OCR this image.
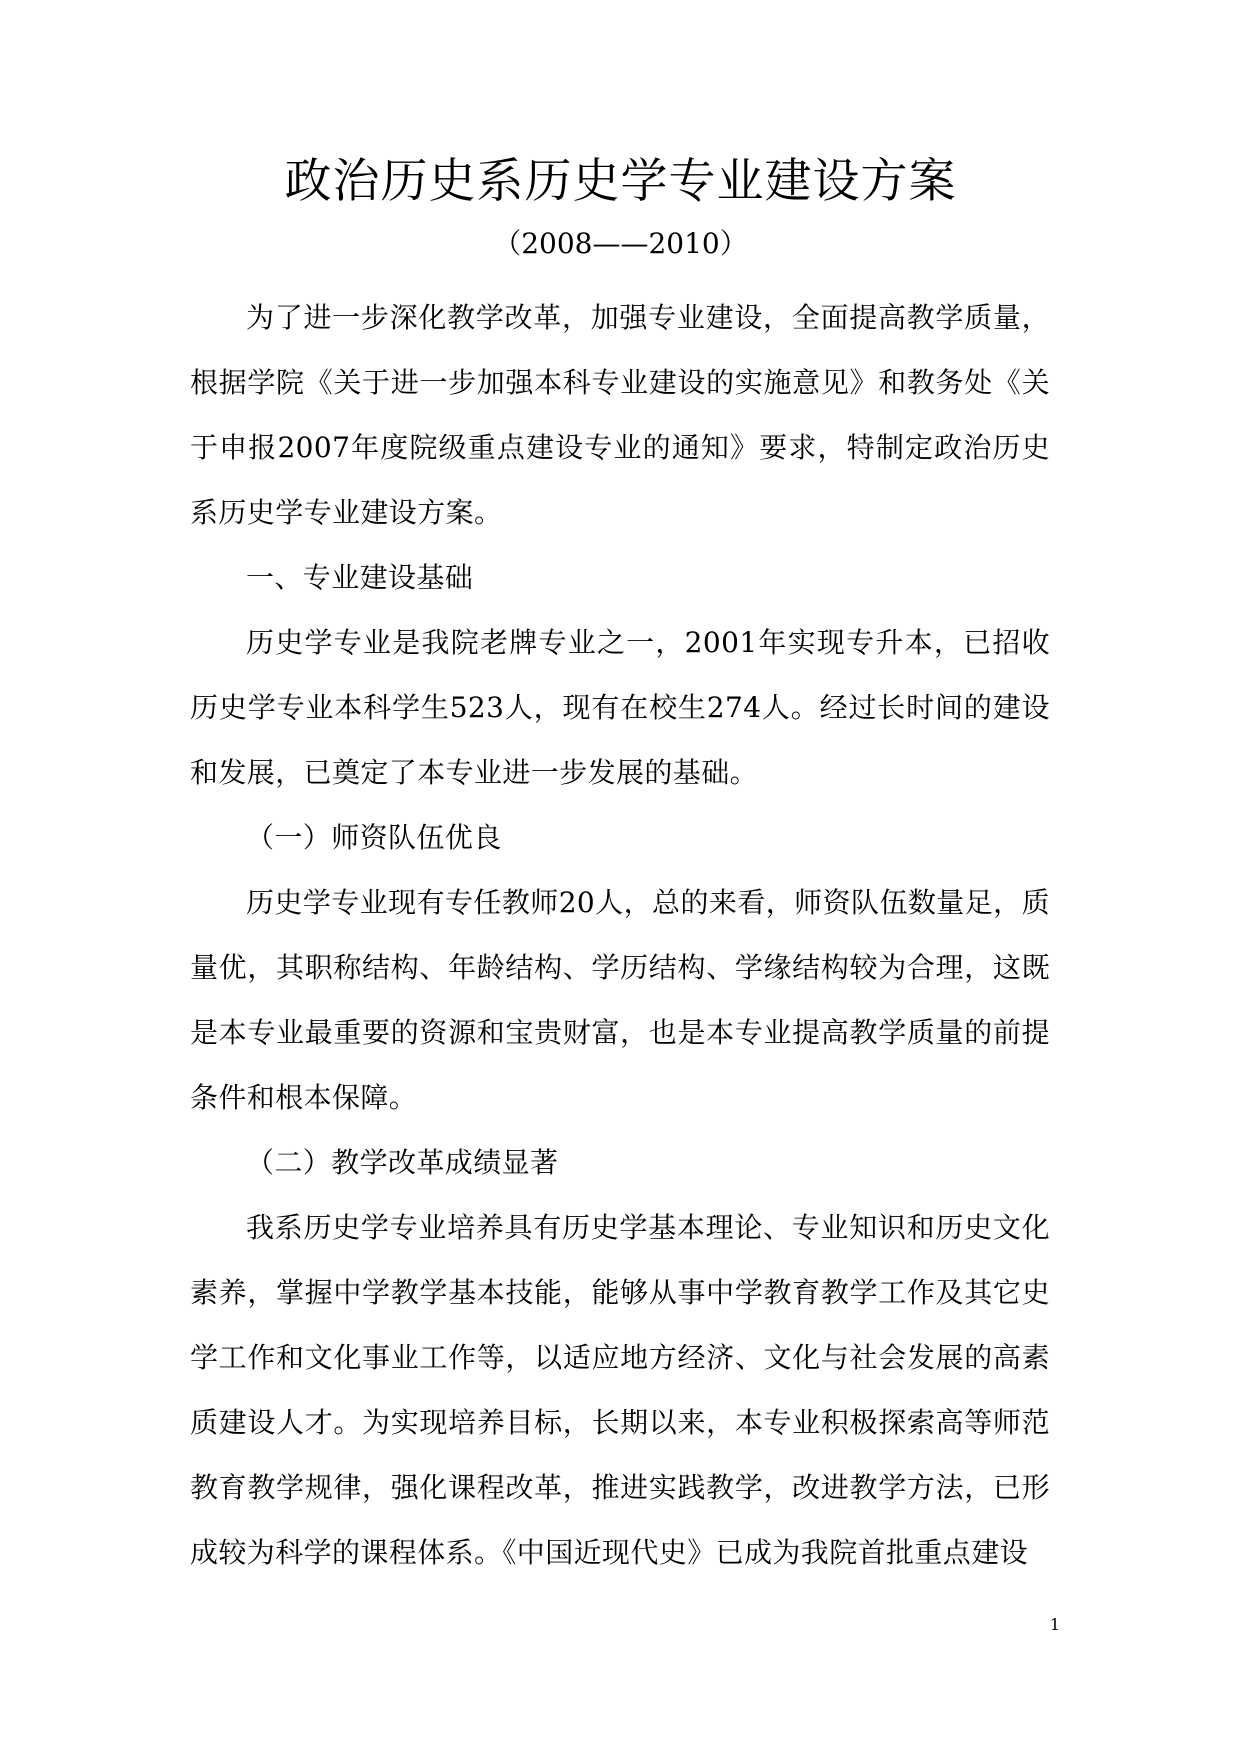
政治历史系历史学专业建设方案
（2008——2010）

为了进一步深化教学改革，加强专业建设，全面提高教学质量，根据学院《关于进一步加强本科专业建设的实施意见》和教务处《关于申报2007年度院级重点建设专业的通知》要求，特制定政治历史系历史学专业建设方案。

一、专业建设基础

历史学专业是我院老牌专业之一，2001年实现专升本，已招收历史学专业本科学生523人，现有在校生274人。经过长时间的建设和发展，已奠定了本专业进一步发展的基础。

（一）师资队伍优良

历史学专业现有专任教师20人，总的来看，师资队伍数量足，质量优，其职称结构、年龄结构、学历结构、学缘结构较为合理，这既是本专业最重要的资源和宝贵财富，也是本专业提高教学质量的前提条件和根本保障。

（二）教学改革成绩显著

我系历史学专业培养具有历史学基本理论、专业知识和历史文化素养，掌握中学教学基本技能，能够从事中学教育教学工作及其它史学工作和文化事业工作等，以适应地方经济、文化与社会发展的高素质建设人才。为实现培养目标，长期以来，本专业积极探索高等师范教育教学规律，强化课程改革，推进实践教学，改进教学方法，已形成较为科学的课程体系。《中国近现代史》已成为我院首批重点建设

1
